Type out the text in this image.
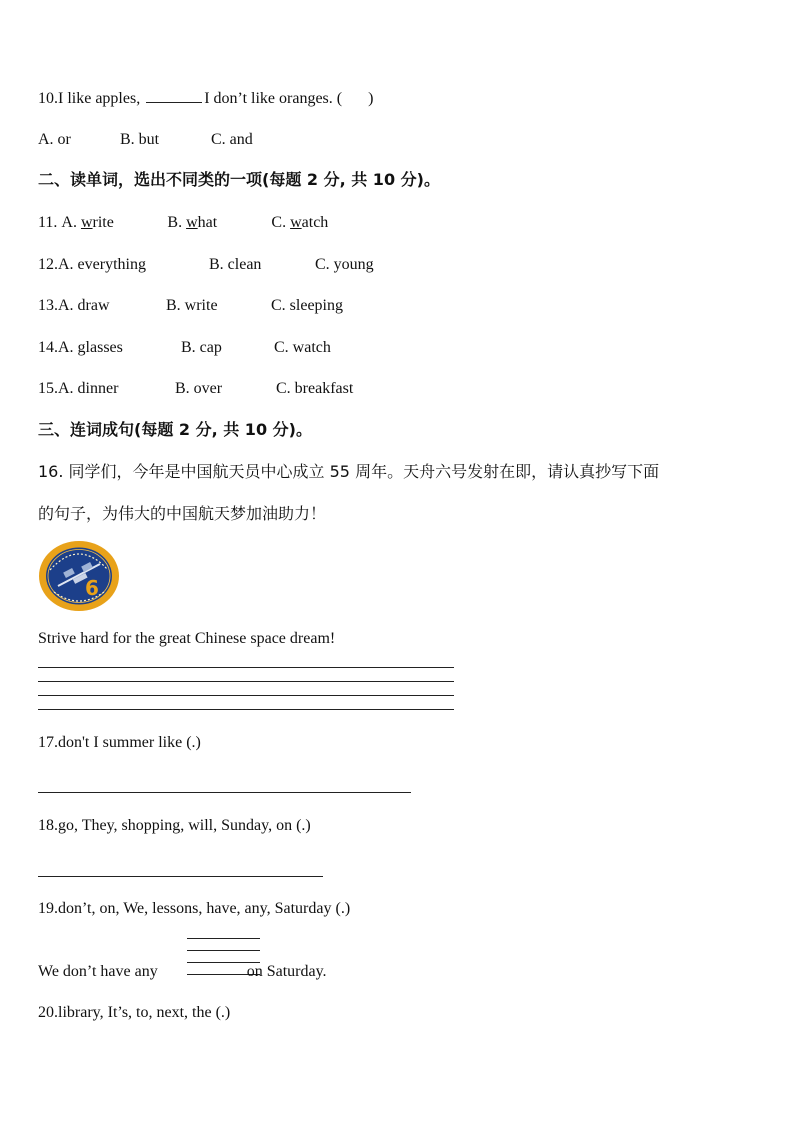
10.I like apples,	I don’t like oranges. ( )
A. or	B. but	C. and
二、读单词，选出不同类的一项(每题 2 分, 共 10 分)。
11. A. write	B. what	C. watch
12.A. everything	B. clean	C. young
13.A. draw	B. write	C. sleeping
14.A. glasses	B. cap	C. watch
15.A. dinner	B. over	C. breakfast
三、连词成句(每题 2 分, 共 10 分)。
16. 同学们，今年是中国航天员中心成立 55 周年。天舟六号发射在即，请认真抄写下面
的句子，为伟大的中国航天梦加油助力！
6
Strive hard for the great Chinese space dream!
17.don't I summer like (.)
18.go, They, shopping, will, Sunday, on (.)
19.don’t, on, We, lessons, have, any, Saturday (.)
We don’t have any	on Saturday.
20.library, It’s, to, next, the (.)
